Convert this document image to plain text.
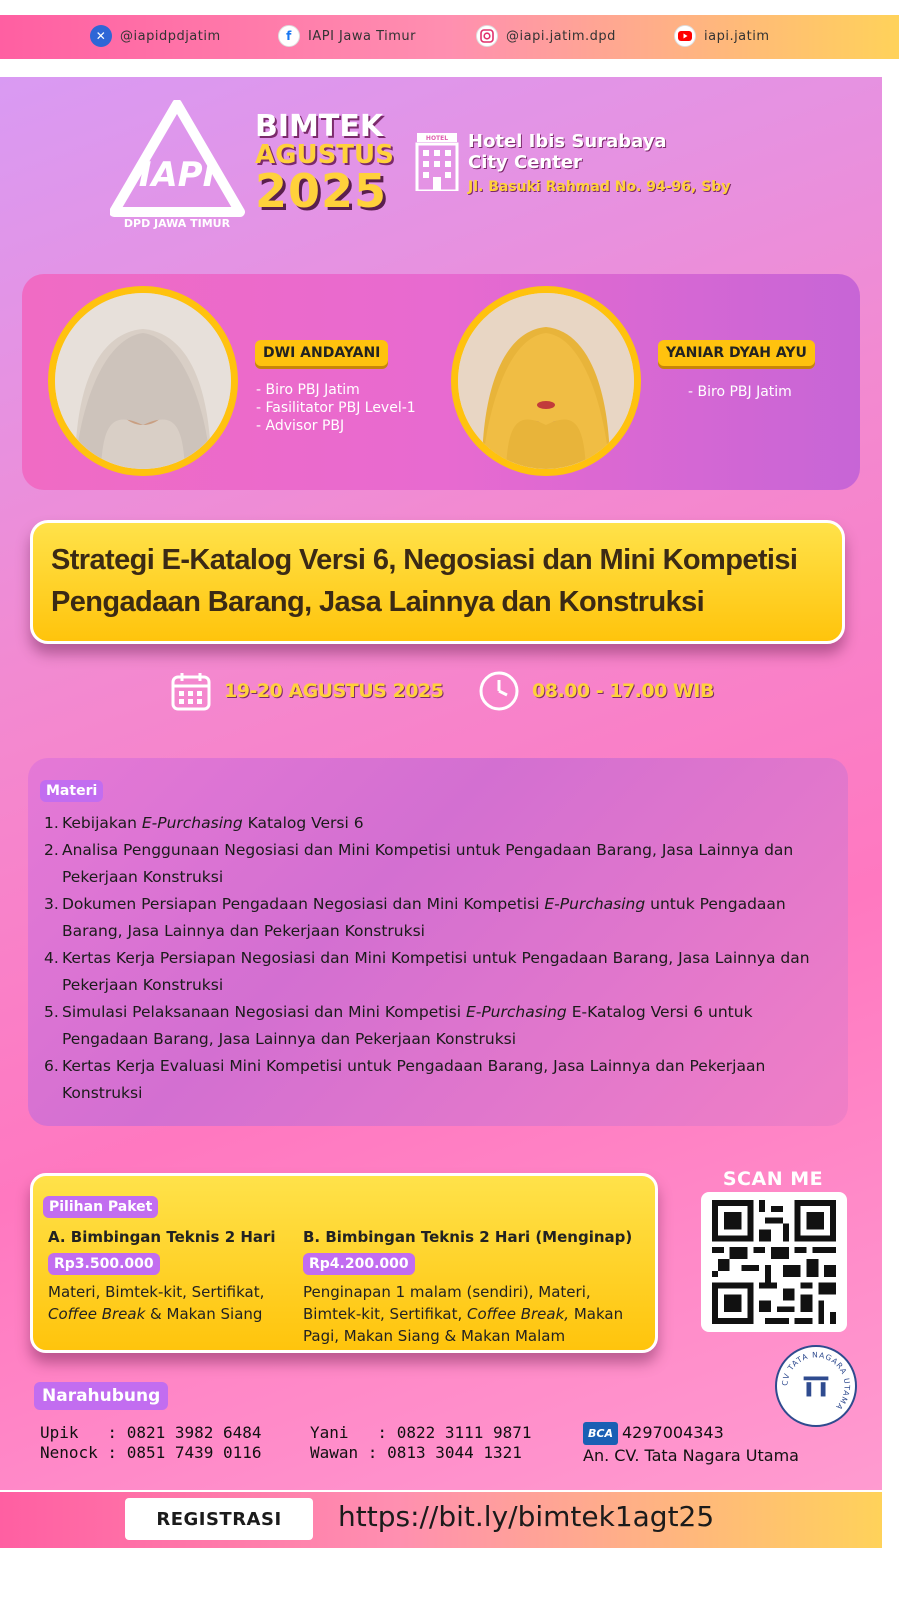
✕	@iapidpdjatim	f	IAPI Jawa Timur	@iapi.jatim.dpd	iapi.jatim
IAPI
DPD JAWA TIMUR
BIMTEK
AGUSTUS
2025
HOTEL Hotel Ibis Surabaya
City Center
Jl. Basuki Rahmad No. 94-96, Sby
DWI ANDAYANI
- Biro PBJ Jatim
- Fasilitator PBJ Level-1
- Advisor PBJ
YANIAR DYAH AYU
- Biro PBJ Jatim
Strategi E-Katalog Versi 6, Negosiasi dan Mini Kompetisi
Pengadaan Barang, Jasa Lainnya dan Konstruksi
19-20 AGUSTUS 2025	08.00 - 17.00 WIB
Materi
1. Kebijakan E-Purchasing Katalog Versi 6
2. Analisa Penggunaan Negosiasi dan Mini Kompetisi untuk Pengadaan Barang, Jasa Lainnya dan Pekerjaan Konstruksi
3. Dokumen Persiapan Pengadaan Negosiasi dan Mini Kompetisi E-Purchasing untuk Pengadaan Barang, Jasa Lainnya dan Pekerjaan Konstruksi
4. Kertas Kerja Persiapan Negosiasi dan Mini Kompetisi untuk Pengadaan Barang, Jasa Lainnya dan Pekerjaan Konstruksi
5. Simulasi Pelaksanaan Negosiasi dan Mini Kompetisi E-Purchasing E-Katalog Versi 6 untuk Pengadaan Barang, Jasa Lainnya dan Pekerjaan Konstruksi
6. Kertas Kerja Evaluasi Mini Kompetisi untuk Pengadaan Barang, Jasa Lainnya dan Pekerjaan Konstruksi
Pilihan Paket
A. Bimbingan Teknis 2 Hari
Rp3.500.000
Materi, Bimtek-kit, Sertifikat, Coffee Break & Makan Siang
B. Bimbingan Teknis 2 Hari (Menginap)
Rp4.200.000
Penginapan 1 malam (sendiri), Materi, Bimtek-kit, Sertifikat, Coffee Break, Makan Pagi, Makan Siang & Makan Malam
SCAN ME
CV TATA NAGARA UTAMA
Narahubung
Upik   : 0821 3982 6484
Nenock : 0851 7439 0116
Yani   : 0822 3111 9871
Wawan : 0813 3044 1321
BCA 4297004343
An. CV. Tata Nagara Utama
REGISTRASI	https://bit.ly/bimtek1agt25
